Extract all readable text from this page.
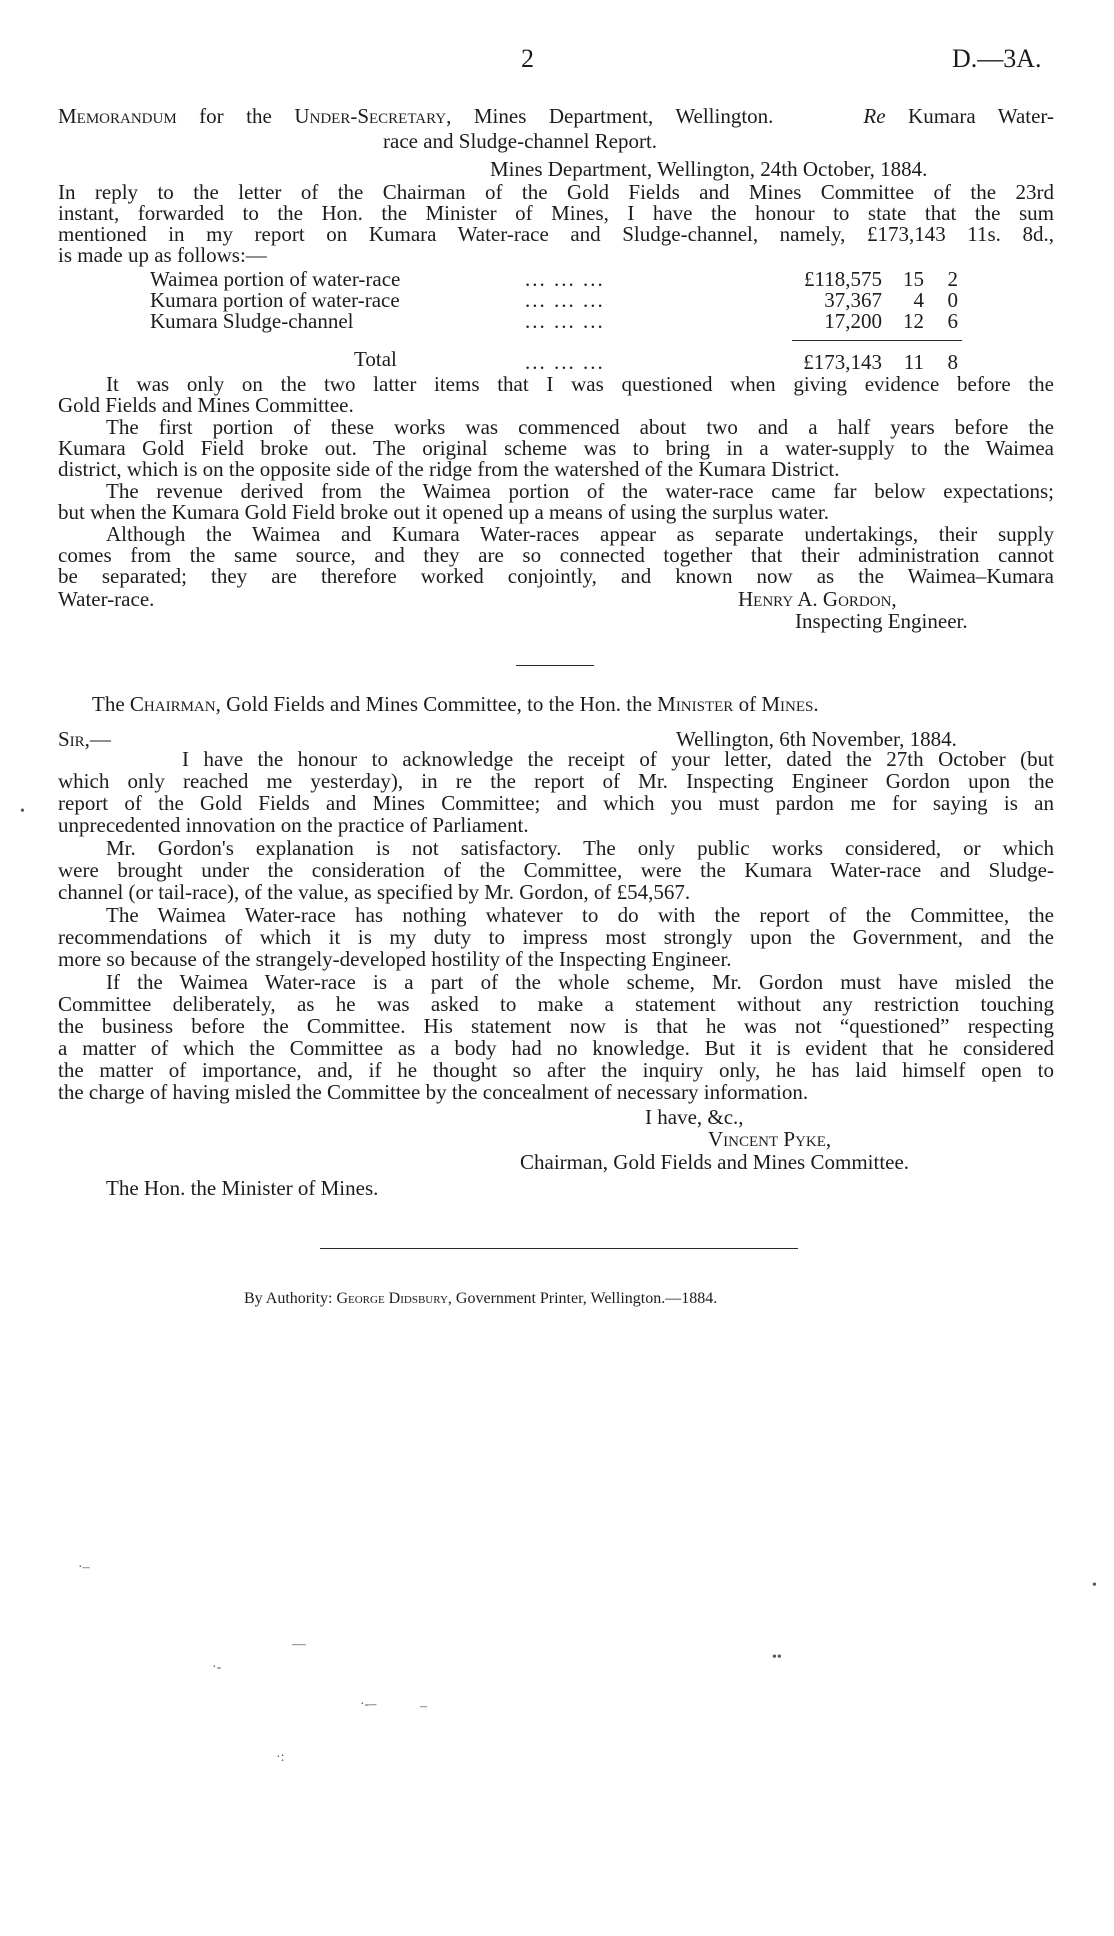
2	D.—3A.
Memorandum for the Under-Secretary, Mines Department, Wellington.	Re Kumara Water-
race and Sludge-channel Report.
Mines Department, Wellington, 24th October, 1884.
In reply to the letter of the Chairman of the Gold Fields and Mines Committee of the 23rd
instant, forwarded to the Hon. the Minister of Mines, I have the honour to state that the sum
mentioned in my report on Kumara Water-race and Sludge-channel, namely, £173,143 11s. 8d.,
is made up as follows:—
Waimea portion of water-race	... ... ...	£118,575	15	2
Kumara portion of water-race	... ... ...	37,367	4	0
Kumara Sludge-channel	... ... ...	17,200	12	6
Total	... ... ...	£173,143	11	8
It was only on the two latter items that I was questioned when giving evidence before the
Gold Fields and Mines Committee.
The first portion of these works was commenced about two and a half years before the
Kumara Gold Field broke out. The original scheme was to bring in a water-supply to the Waimea
district, which is on the opposite side of the ridge from the watershed of the Kumara District.
The revenue derived from the Waimea portion of the water-race came far below expectations;
but when the Kumara Gold Field broke out it opened up a means of using the surplus water.
Although the Waimea and Kumara Water-races appear as separate undertakings, their supply
comes from the same source, and they are so connected together that their administration cannot
be separated; they are therefore worked conjointly, and known now as the Waimea–Kumara
Water-race.	Henry A. Gordon,
Inspecting Engineer.
The Chairman, Gold Fields and Mines Committee, to the Hon. the Minister of Mines.
Sir,—	Wellington, 6th November, 1884.
I have the honour to acknowledge the receipt of your letter, dated the 27th October (but
which only reached me yesterday), in re the report of Mr. Inspecting Engineer Gordon upon the
report of the Gold Fields and Mines Committee; and which you must pardon me for saying is an
unprecedented innovation on the practice of Parliament.
Mr. Gordon's explanation is not satisfactory. The only public works considered, or which
were brought under the consideration of the Committee, were the Kumara Water-race and Sludge-
channel (or tail-race), of the value, as specified by Mr. Gordon, of £54,567.
The Waimea Water-race has nothing whatever to do with the report of the Committee, the
recommendations of which it is my duty to impress most strongly upon the Government, and the
more so because of the strangely-developed hostility of the Inspecting Engineer.
If the Waimea Water-race is a part of the whole scheme, Mr. Gordon must have misled the
Committee deliberately, as he was asked to make a statement without any restriction touching
the business before the Committee. His statement now is that he was not “questioned” respecting
a matter of which the Committee as a body had no knowledge. But it is evident that he considered
the matter of importance, and, if he thought so after the inquiry only, he has laid himself open to
the charge of having misled the Committee by the concealment of necessary information.
I have, &c.,
Vincent Pyke,
Chairman, Gold Fields and Mines Committee.
The Hon. the Minister of Mines.
By Authority: George Didsbury, Government Printer, Wellington.—1884.
·–
—
·-
·-–	–
·:
••
•
•
